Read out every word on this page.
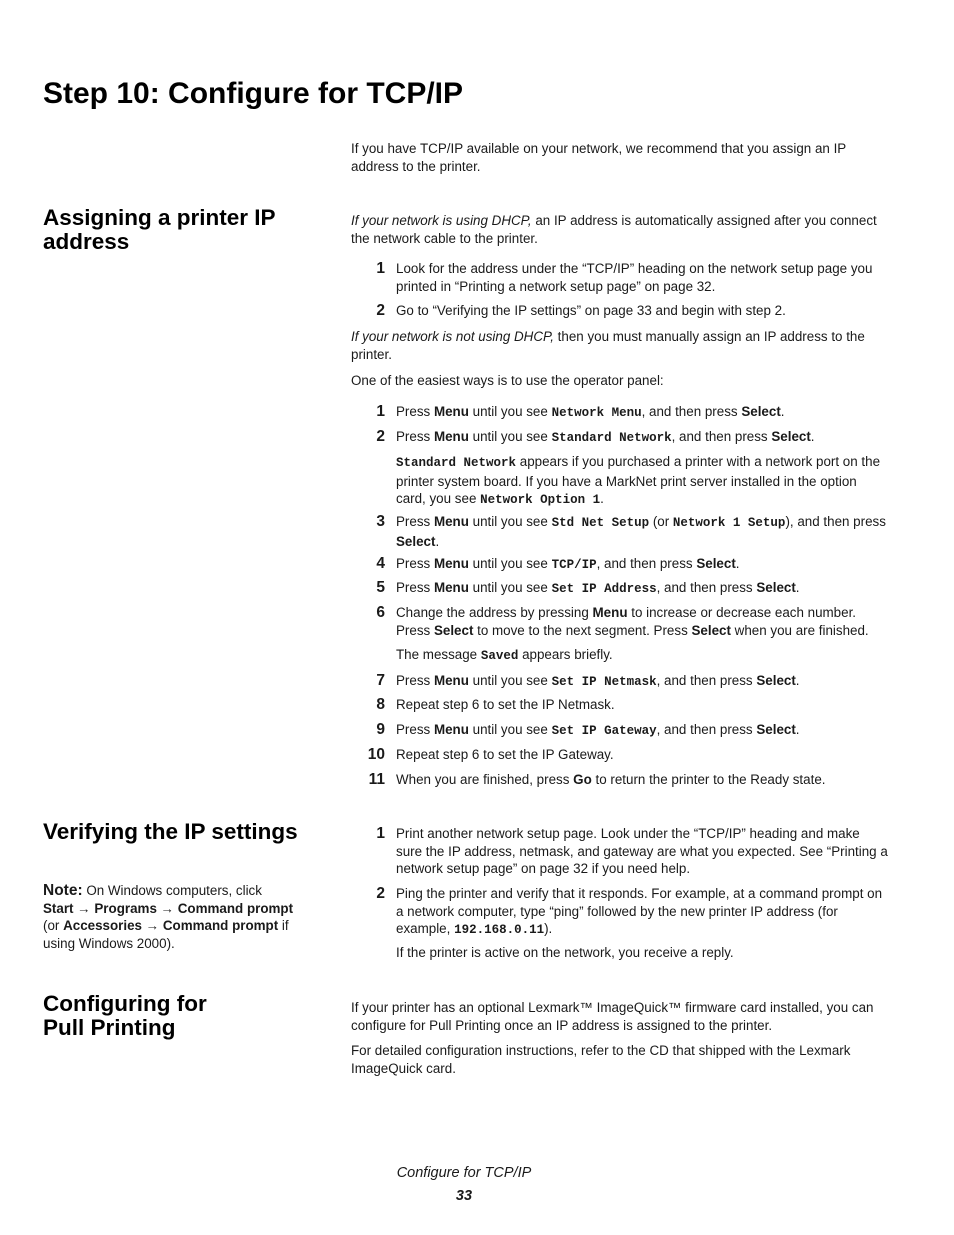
Step 10: Configure for TCP/IP

If you have TCP/IP available on your network, we recommend that you assign an IP address to the printer.

Assigning a printer IP address

If your network is using DHCP, an IP address is automatically assigned after you connect the network cable to the printer.

1 Look for the address under the “TCP/IP” heading on the network setup page you printed in “Printing a network setup page” on page 32.
2 Go to “Verifying the IP settings” on page 33 and begin with step 2.

If your network is not using DHCP, then you must manually assign an IP address to the printer.

One of the easiest ways is to use the operator panel:

1 Press Menu until you see Network Menu, and then press Select.
2 Press Menu until you see Standard Network, and then press Select.
Standard Network appears if you purchased a printer with a network port on the printer system board. If you have a MarkNet print server installed in the option card, you see Network Option 1.
3 Press Menu until you see Std Net Setup (or Network 1 Setup), and then press Select.
4 Press Menu until you see TCP/IP, and then press Select.
5 Press Menu until you see Set IP Address, and then press Select.
6 Change the address by pressing Menu to increase or decrease each number. Press Select to move to the next segment. Press Select when you are finished.
The message Saved appears briefly.
7 Press Menu until you see Set IP Netmask, and then press Select.
8 Repeat step 6 to set the IP Netmask.
9 Press Menu until you see Set IP Gateway, and then press Select.
10 Repeat step 6 to set the IP Gateway.
11 When you are finished, press Go to return the printer to the Ready state.
Verifying the IP settings
Note: On Windows computers, click
Start → Programs → Command prompt (or Accessories → Command prompt if using Windows 2000).
1 Print another network setup page. Look under the “TCP/IP” heading and make sure the IP address, netmask, and gateway are what you expected. See “Printing a network setup page” on page 32 if you need help.
2 Ping the printer and verify that it responds. For example, at a command prompt on a network computer, type “ping” followed by the new printer IP address (for example, 192.168.0.11).
If the printer is active on the network, you receive a reply.
Configuring for
Pull Printing

If your printer has an optional Lexmark™ ImageQuick™ firmware card installed, you can configure for Pull Printing once an IP address is assigned to the printer.

For detailed configuration instructions, refer to the CD that shipped with the Lexmark ImageQuick card.

Configure for TCP/IP
33
